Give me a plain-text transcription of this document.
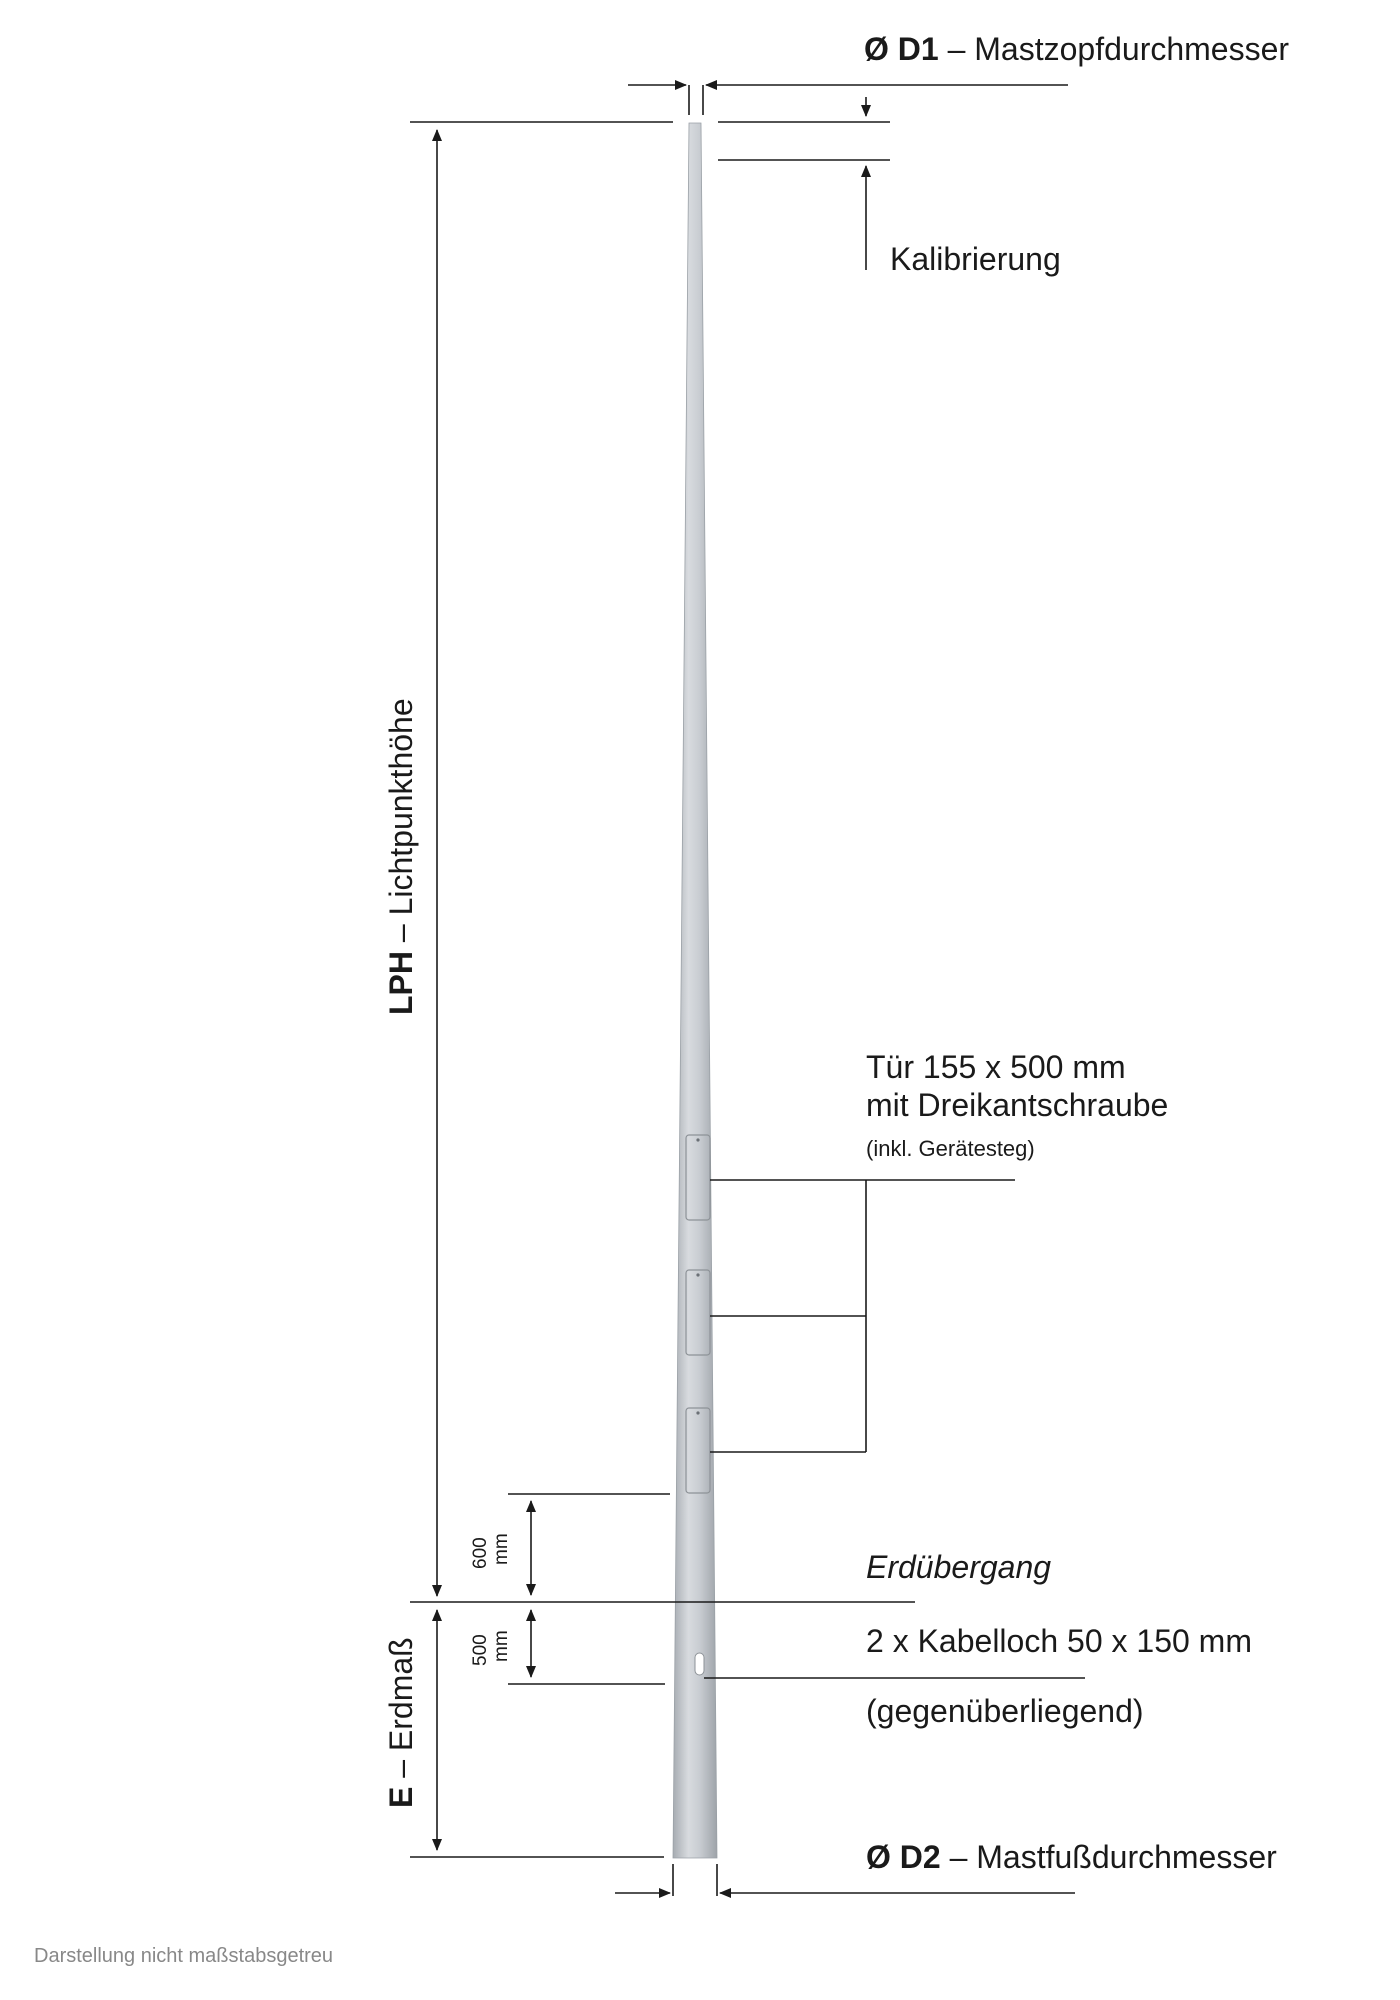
Ø D1 – Mastzopfdurchmesser
Kalibrierung
LPH – Lichtpunkthöhe
Tür 155 x 500 mm
mit Dreikantschraube
(inkl. Gerätesteg)
600 mm	Erdübergang
500 mm	2 x Kabelloch 50 x 150 mm
(gegenüberliegend)
E – Erdmaß
Ø D2 – Mastfußdurchmesser
Darstellung nicht maßstabsgetreu
